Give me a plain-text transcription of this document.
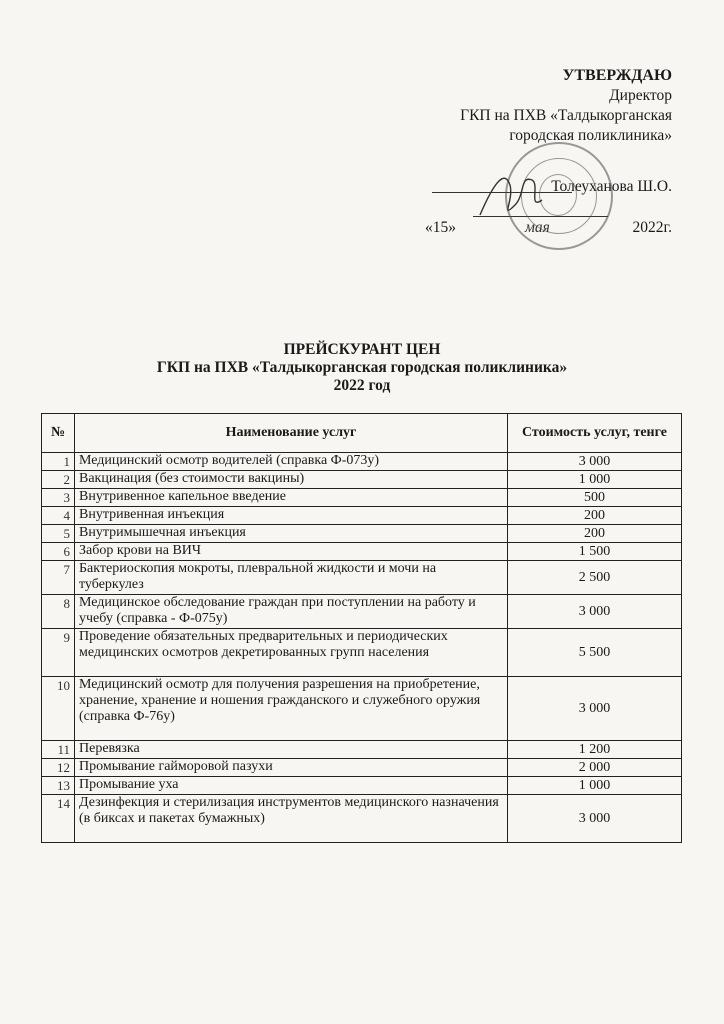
УТВЕРЖДАЮ
Директор
ГКП на ПХВ «Талдыкорганская
городская поликлиника»
Толеуханова Ш.О.
«15»	мая	2022г.
ПРЕЙСКУРАНТ ЦЕН
ГКП на ПХВ «Талдыкорганская городская поликлиника»
2022 год
№	Наименование услуг	Стоимость услуг, тенге
1	Медицинский осмотр водителей (справка Ф-073у)	3 000
2	Вакцинация (без стоимости вакцины)	1 000
3	Внутривенное капельное введение	500
4	Внутривенная инъекция	200
5	Внутримышечная инъекция	200
6	Забор крови на ВИЧ	1 500
7	Бактериоскопия мокроты, плевральной жидкости и мочи на туберкулез	2 500
8	Медицинское обследование граждан при поступлении на работу и учебу (справка - Ф-075у)	3 000
9	Проведение обязательных предварительных и периодических медицинских осмотров декретированных групп населения	5 500
10	Медицинский осмотр для получения разрешения на приобретение, хранение, хранение и ношения гражданского и служебного оружия (справка Ф-76у)	3 000
11	Перевязка	1 200
12	Промывание гайморовой пазухи	2 000
13	Промывание уха	1 000
14	Дезинфекция и стерилизация инструментов медицинского назначения (в биксах и пакетах бумажных)	3 000
